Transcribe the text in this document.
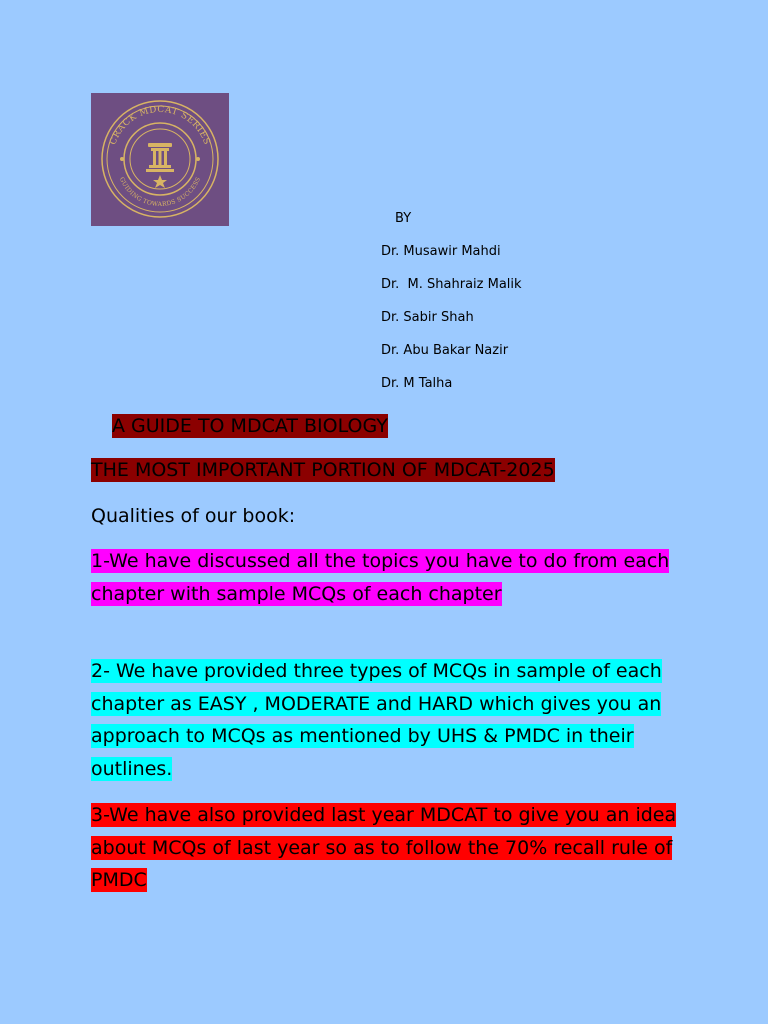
CRACK MDCAT SERIES
GUIDING TOWARDS SUCCESS
BY
Dr. Musawir Mahdi
Dr.  M. Shahraiz Malik
Dr. Sabir Shah
Dr. Abu Bakar Nazir
Dr. M Talha
A GUIDE TO MDCAT BIOLOGY
THE MOST IMPORTANT PORTION OF MDCAT-2025
Qualities of our book:
1-We have discussed all the topics you have to do from each chapter with sample MCQs of each chapter
2- We have provided three types of MCQs in sample of each chapter as EASY , MODERATE and HARD which gives you an approach to MCQs as mentioned by UHS & PMDC in their outlines.
3-We have also provided last year MDCAT to give you an idea about MCQs of last year so as to follow the 70% recall rule of PMDC
